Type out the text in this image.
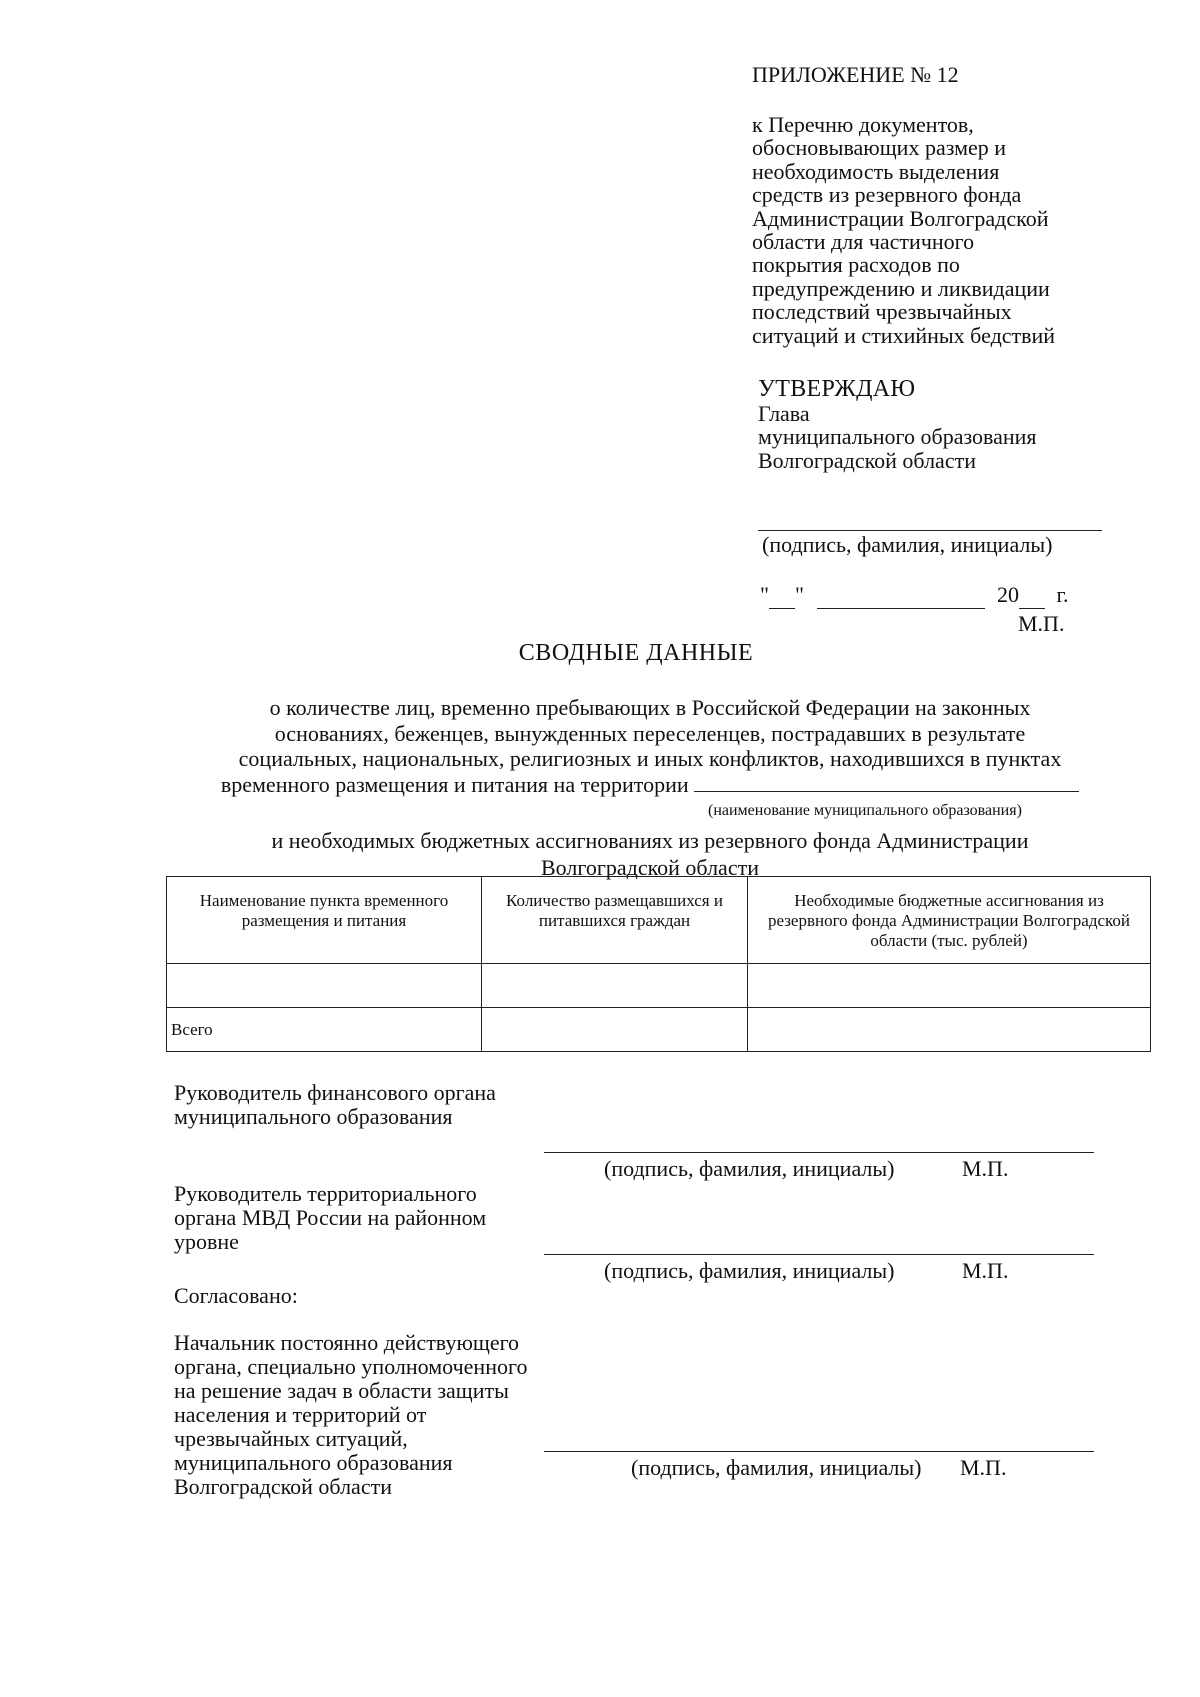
ПРИЛОЖЕНИЕ № 12
к Перечню документов,
обосновывающих размер и
необходимость выделения
средств из резервного фонда
Администрации Волгоградской
области для частичного
покрытия расходов по
предупреждению и ликвидации
последствий чрезвычайных
ситуаций и стихийных бедствий
УТВЕРЖДАЮ
Глава
муниципального образования
Волгоградской области
(подпись, фамилия, инициалы)
" "	20 г.
М.П.
СВОДНЫЕ ДАННЫЕ
о количестве лиц, временно пребывающих в Российской Федерации на законных
основаниях, беженцев, вынужденных переселенцев, пострадавших в результате
социальных, национальных, религиозных и иных конфликтов, находившихся в пунктах
временного размещения и питания на территории
(наименование муниципального образования)
и необходимых бюджетных ассигнованиях из резервного фонда Администрации
Волгоградской области
Наименование пункта временного размещения и питания	Количество размещавшихся и питавшихся граждан	Необходимые бюджетные ассигнования из резервного фонда Администрации Волгоградской области (тыс. рублей)

Всего		
Руководитель финансового органа муниципального образования
(подпись, фамилия, инициалы)	М.П.
Руководитель территориального органа МВД России на районном уровне
(подпись, фамилия, инициалы)	М.П.
Согласовано:
Начальник постоянно действующего органа, специально уполномоченного на решение задач в области защиты населения и территорий от чрезвычайных ситуаций, муниципального образования Волгоградской области
(подпись, фамилия, инициалы) М.П.
